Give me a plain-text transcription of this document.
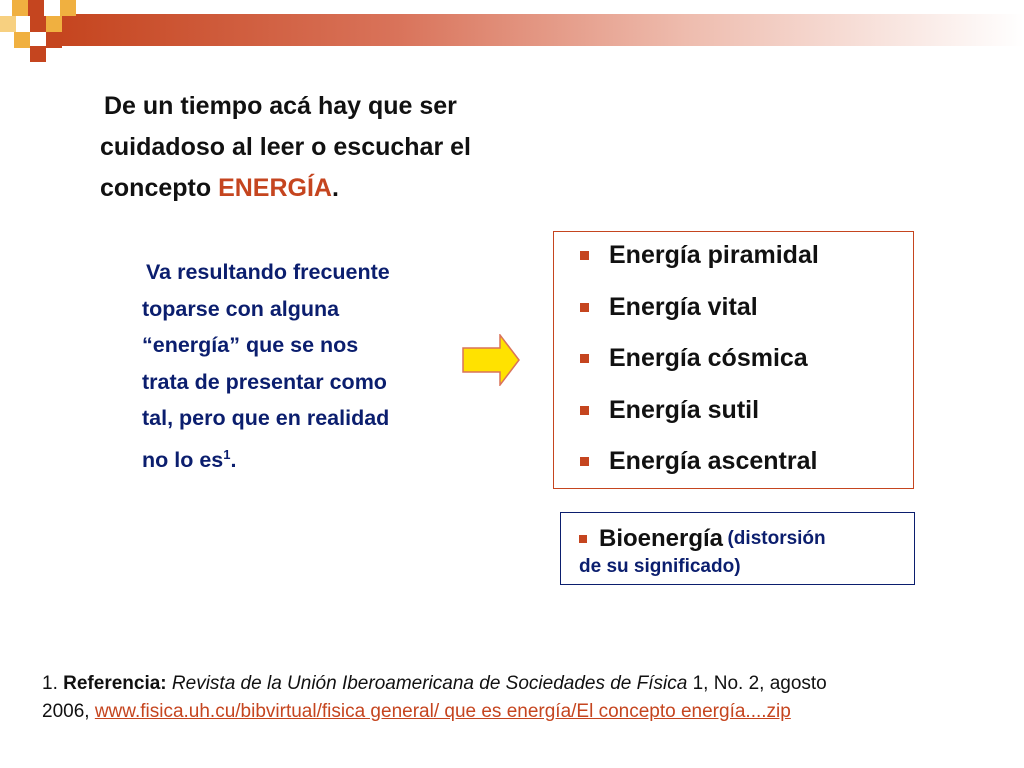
De un tiempo acá hay que ser
cuidadoso al leer o escuchar el
concepto ENERGÍA.
Va resultando frecuente
toparse con alguna
“energía” que se nos
trata de presentar como
tal, pero que en realidad
no lo $es^1$.
Energía piramidal
Energía vital
Energía cósmica
Energía sutil
Energía ascentral
Bioenergía
(distorsión
de su significado)
1. Referencia: Revista de la Unión Iberoamericana de Sociedades de Física 1, No. 2, agosto
2006, www.fisica.uh.cu/bibvirtual/fisica general/ que es energía/El concepto energía....zip
